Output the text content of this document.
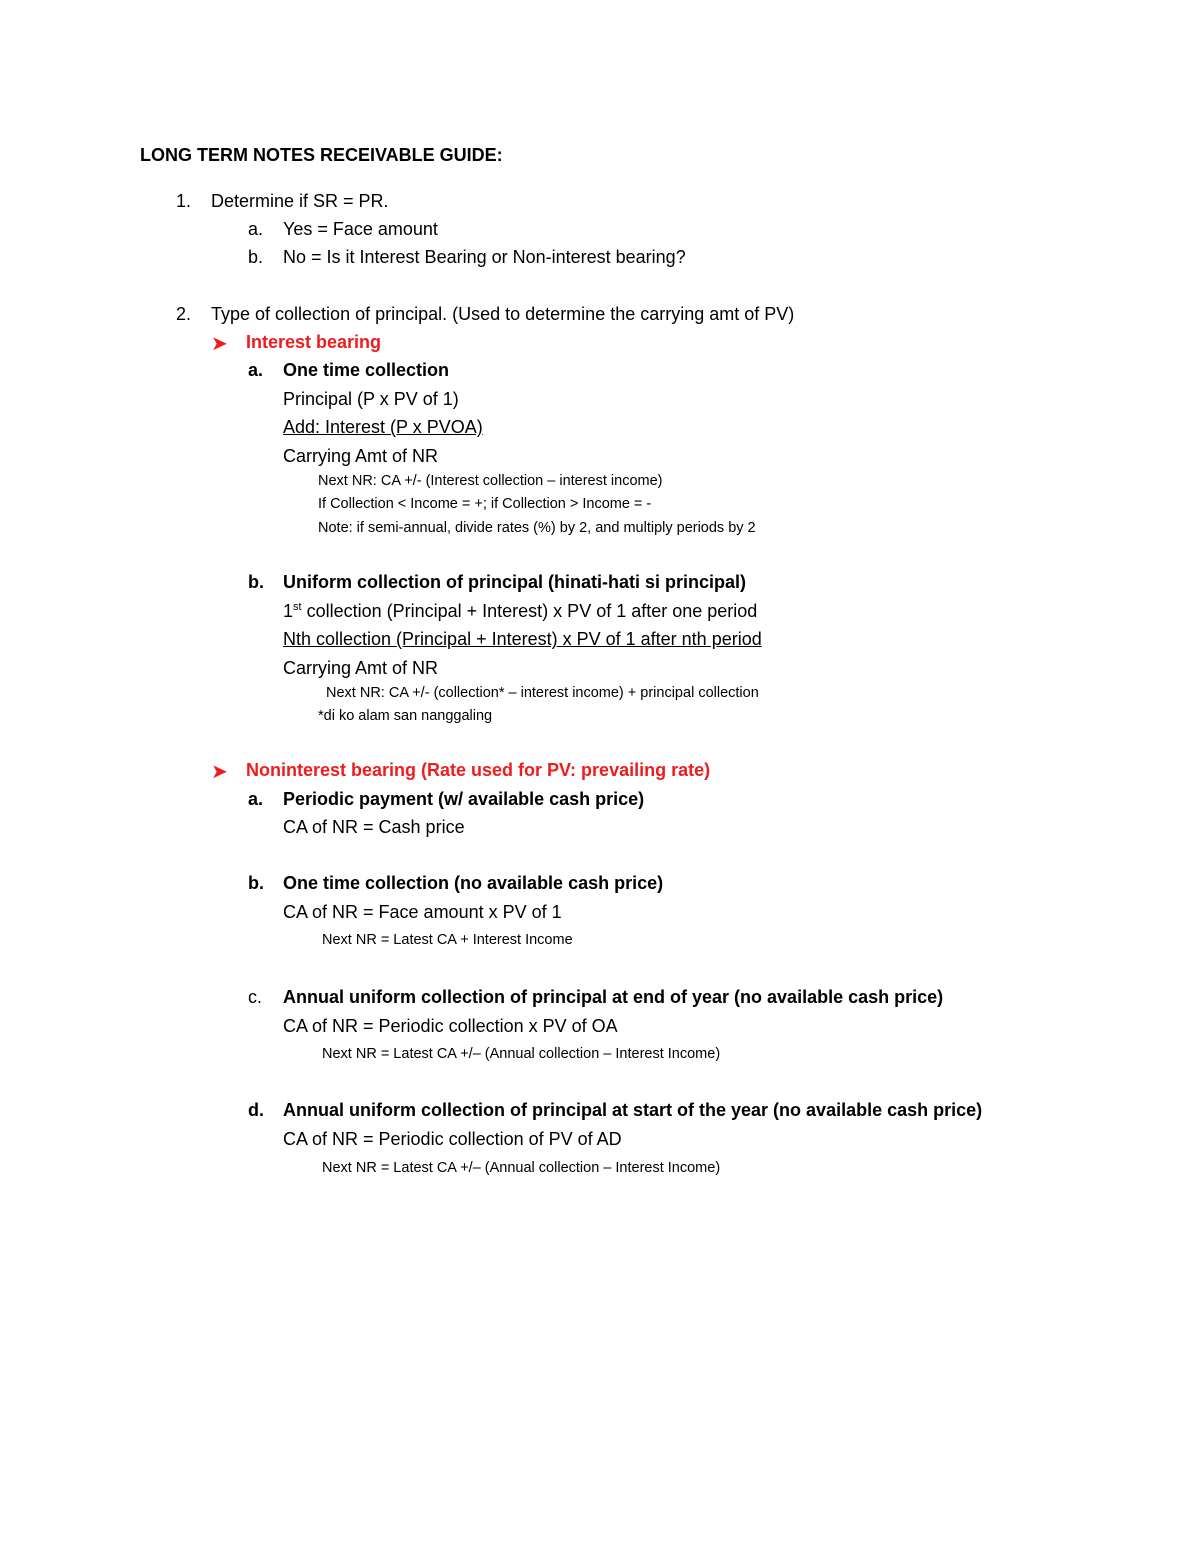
LONG TERM NOTES RECEIVABLE GUIDE:
1. Determine if SR = PR.
a. Yes = Face amount
b. No = Is it Interest Bearing or Non-interest bearing?
2. Type of collection of principal. (Used to determine the carrying amt of PV)
➤ Interest bearing
a. One time collection
Principal (P x PV of 1)
Add: Interest (P x PVOA)
Carrying Amt of NR
Next NR: CA +/- (Interest collection – interest income)
If Collection < Income = +; if Collection > Income = -
Note: if semi-annual, divide rates (%) by 2, and multiply periods by 2
b. Uniform collection of principal (hinati-hati si principal)
1st collection (Principal + Interest) x PV of 1 after one period
Nth collection (Principal + Interest) x PV of 1 after nth period
Carrying Amt of NR
Next NR: CA +/- (collection* – interest income) + principal collection
*di ko alam san nanggaling
➤ Noninterest bearing (Rate used for PV: prevailing rate)
a. Periodic payment (w/ available cash price)
CA of NR = Cash price
b. One time collection (no available cash price)
CA of NR = Face amount x PV of 1
Next NR = Latest CA + Interest Income
c. Annual uniform collection of principal at end of year (no available cash price)
CA of NR = Periodic collection x PV of OA
Next NR = Latest CA +/– (Annual collection – Interest Income)
d. Annual uniform collection of principal at start of the year (no available cash price)
CA of NR = Periodic collection of PV of AD
Next NR = Latest CA +/– (Annual collection – Interest Income)
